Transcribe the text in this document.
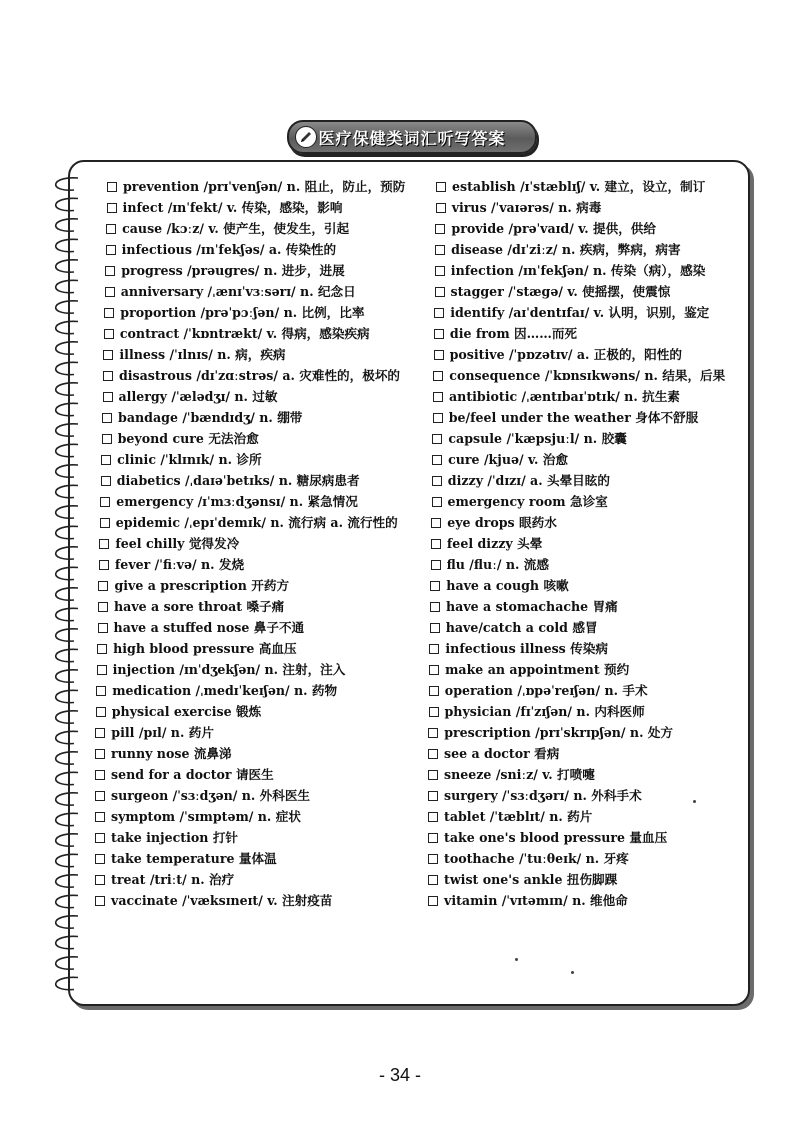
医疗保健类词汇听写答案
prevention /prɪˈvenʃən/ n. 阻止，防止，预防
infect /ɪnˈfekt/ v. 传染，感染，影响
cause /kɔːz/ v. 使产生，使发生，引起
infectious /ɪnˈfekʃəs/ a. 传染性的
progress /prəugres/ n. 进步，进展
anniversary /ˌænɪˈvɜːsərɪ/ n. 纪念日
proportion /prəˈpɔːʃən/ n. 比例，比率
contract /ˈkɒntrækt/ v. 得病，感染疾病
illness /ˈɪlnɪs/ n. 病，疾病
disastrous /dɪˈzɑːstrəs/ a. 灾难性的，极坏的
allergy /ˈælədʒɪ/ n. 过敏
bandage /ˈbændɪdʒ/ n. 绷带
beyond cure 无法治愈
clinic /ˈklɪnɪk/ n. 诊所
diabetics /ˌdaɪəˈbetɪks/ n. 糖尿病患者
emergency /ɪˈmɜːdʒənsɪ/ n. 紧急情况
epidemic /ˌepɪˈdemɪk/ n. 流行病 a. 流行性的
feel chilly 觉得发冷
fever /ˈfiːvə/ n. 发烧
give a prescription 开药方
have a sore throat 嗓子痛
have a stuffed nose 鼻子不通
high blood pressure 高血压
injection /ɪnˈdʒekʃən/ n. 注射，注入
medication /ˌmedɪˈkeɪʃən/ n. 药物
physical exercise 锻炼
pill /pɪl/ n. 药片
runny nose 流鼻涕
send for a doctor 请医生
surgeon /ˈsɜːdʒən/ n. 外科医生
symptom /ˈsɪmptəm/ n. 症状
take injection 打针
take temperature 量体温
treat /triːt/ n. 治疗
vaccinate /ˈvæksɪneɪt/ v. 注射疫苗
establish /ɪˈstæblɪʃ/ v. 建立，设立，制订
virus /ˈvaɪərəs/ n. 病毒
provide /prəˈvaɪd/ v. 提供，供给
disease /dɪˈziːz/ n. 疾病，弊病，病害
infection /ɪnˈfekʃən/ n. 传染（病），感染
stagger /ˈstægə/ v. 使摇摆，使震惊
identify /aɪˈdentɪfaɪ/ v. 认明，识别，鉴定
die from 因……而死
positive /ˈpɒzətɪv/ a. 正极的，阳性的
consequence /ˈkɒnsɪkwəns/ n. 结果，后果
antibiotic /ˌæntɪbaɪˈɒtɪk/ n. 抗生素
be/feel under the weather 身体不舒服
capsule /ˈkæpsjuːl/ n. 胶囊
cure /kjuə/ v. 治愈
dizzy /ˈdɪzɪ/ a. 头晕目眩的
emergency room 急诊室
eye drops 眼药水
feel dizzy 头晕
flu /fluː/ n. 流感
have a cough 咳嗽
have a stomachache 胃痛
have/catch a cold 感冒
infectious illness 传染病
make an appointment 预约
operation /ˌɒpəˈreɪʃən/ n. 手术
physician /fɪˈzɪʃən/ n. 内科医师
prescription /prɪˈskrɪpʃən/ n. 处方
see a doctor 看病
sneeze /sniːz/ v. 打喷嚏
surgery /ˈsɜːdʒərɪ/ n. 外科手术
tablet /ˈtæblɪt/ n. 药片
take one's blood pressure 量血压
toothache /ˈtuːθeɪk/ n. 牙疼
twist one's ankle 扭伤脚踝
vitamin /ˈvɪtəmɪn/ n. 维他命
- 34 -
